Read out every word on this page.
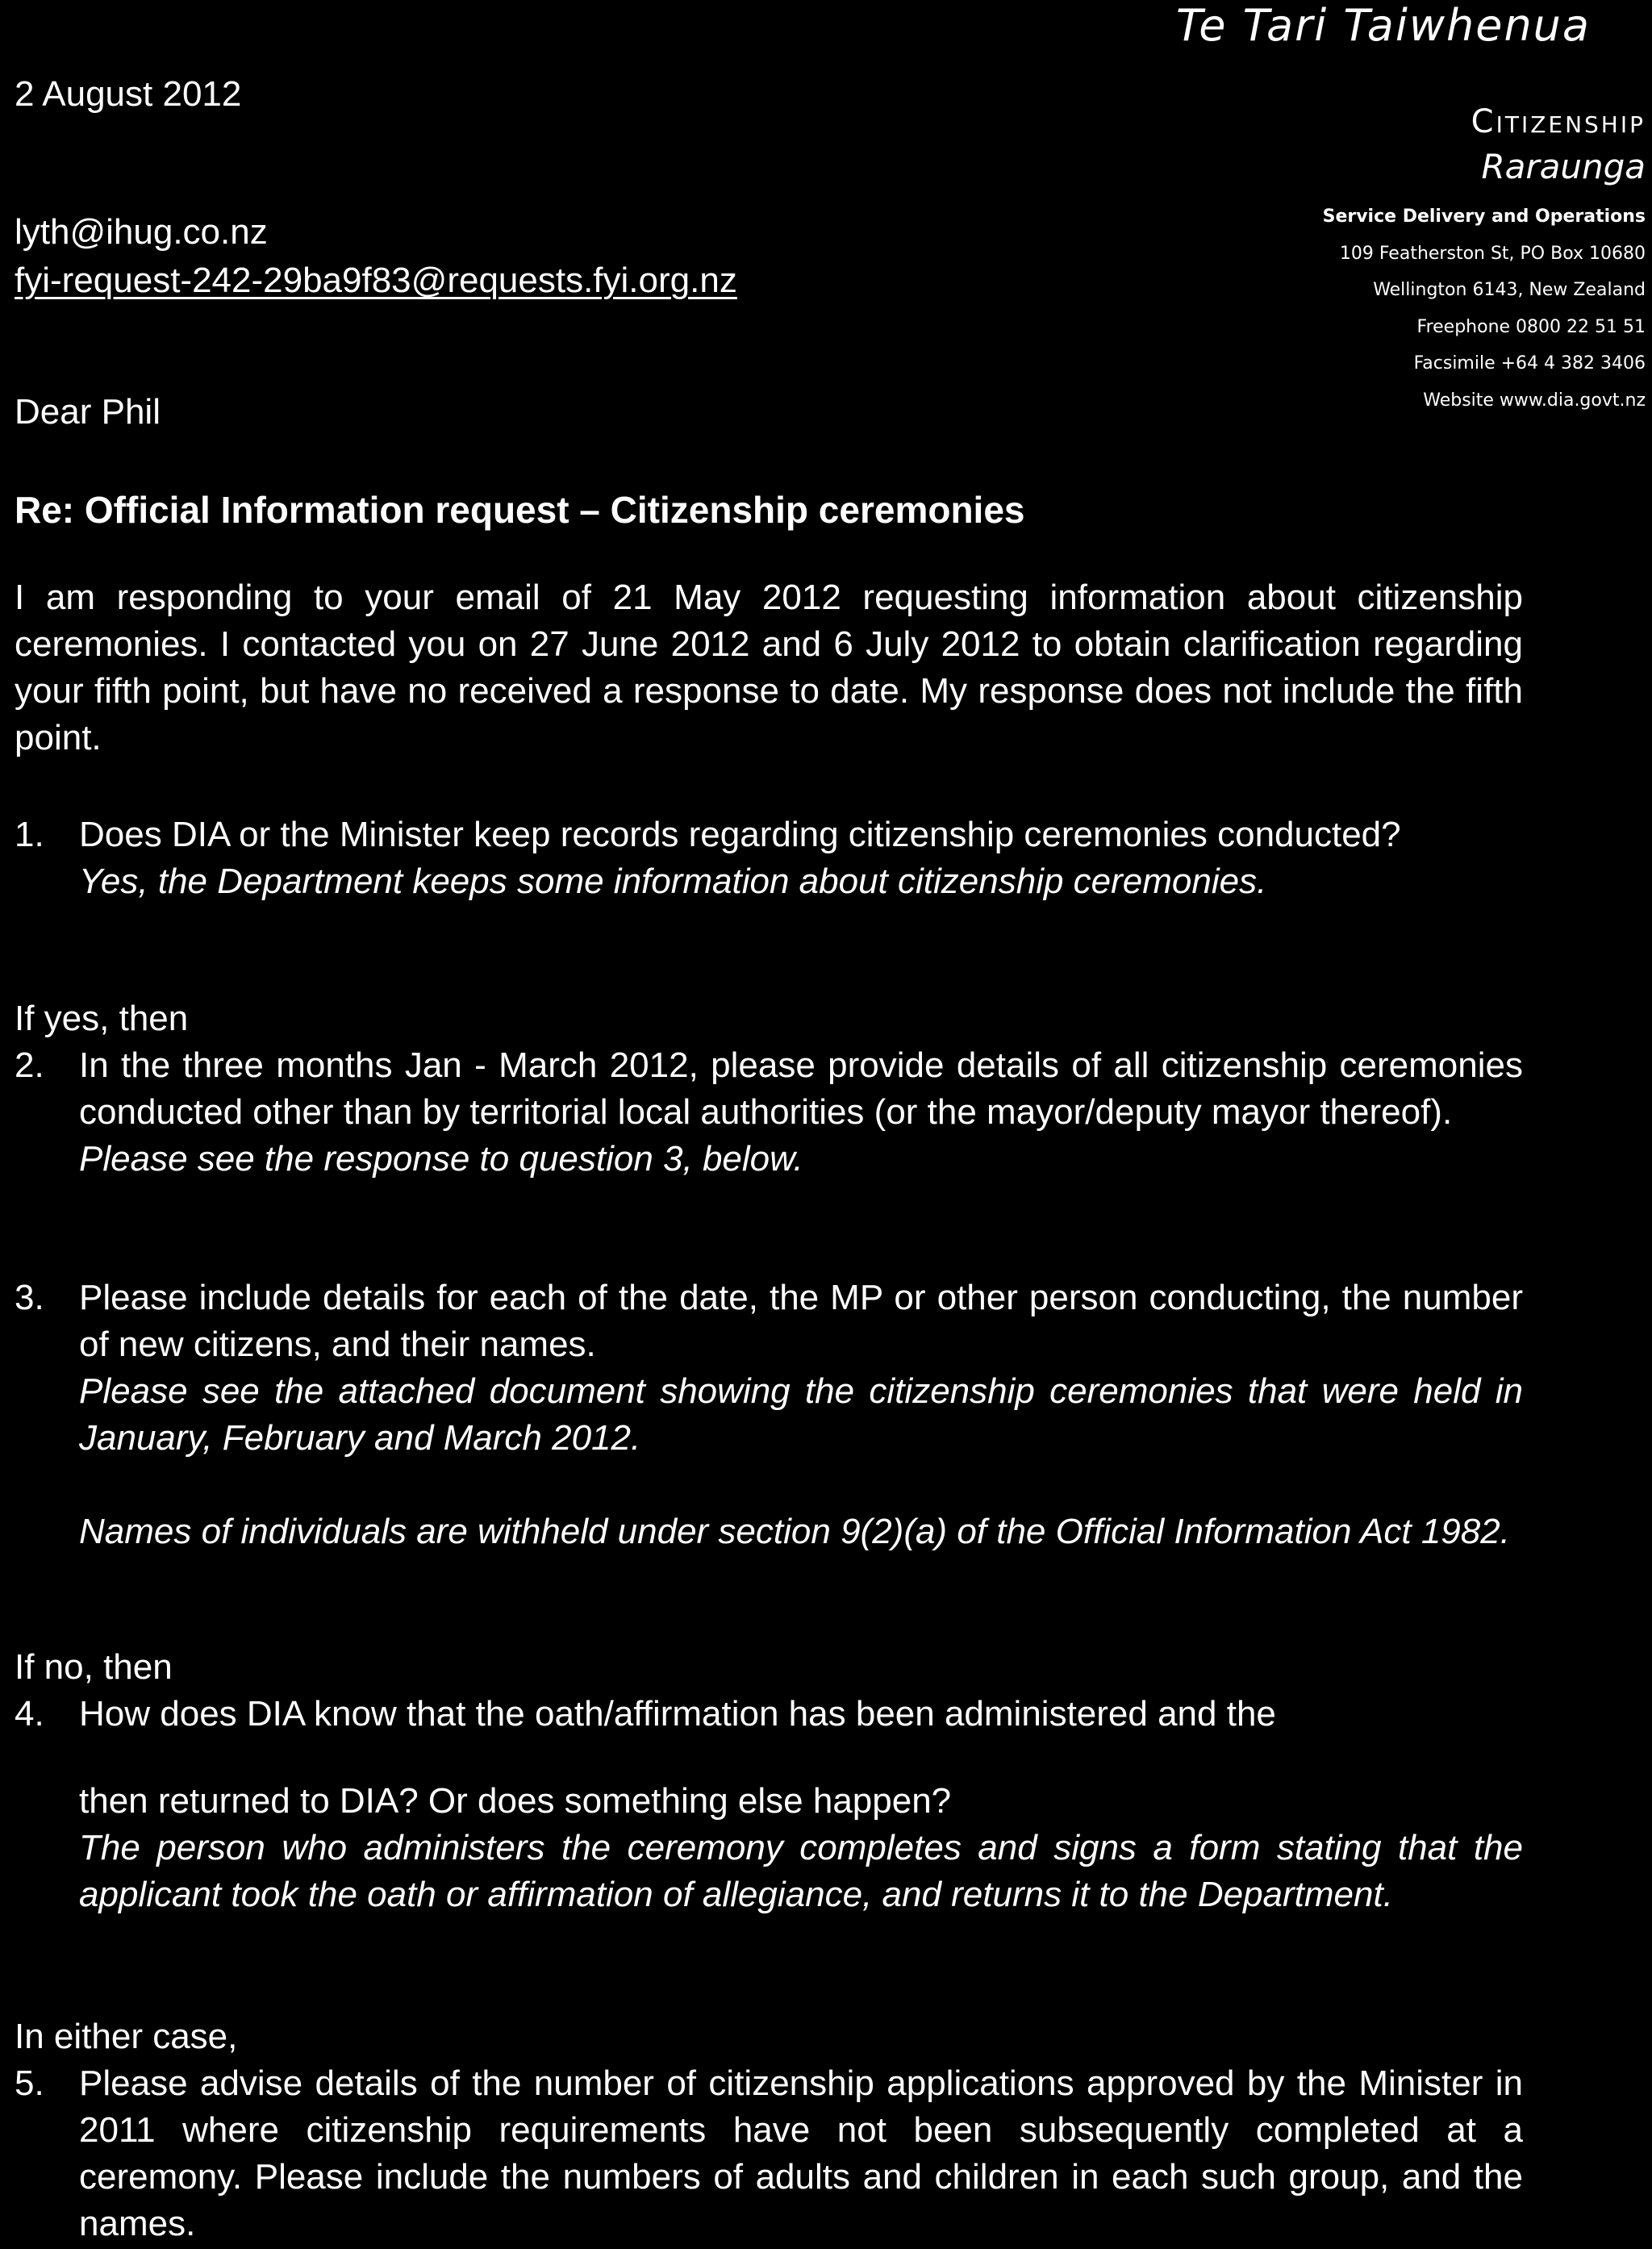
2 August 2012
lyth@ihug.co.nz
fyi-request-242-29ba9f83@requests.fyi.org.nz
Dear Phil
Te Tari Taiwhenua
Citizenship
Raraunga
Service Delivery and Operations
109 Featherston St, PO Box 10680
Wellington 6143, New Zealand
Freephone 0800 22 51 51
Facsimile +64 4 382 3406
Website www.dia.govt.nz
Re: Official Information request – Citizenship ceremonies
I am responding to your email of 21 May 2012 requesting information about citizenship ceremonies. I contacted you on 27 June 2012 and 6 July 2012 to obtain clarification regarding your fifth point, but have no received a response to date. My response does not include the fifth point.
1. Does DIA or the Minister keep records regarding citizenship ceremonies conducted?
Yes, the Department keeps some information about citizenship ceremonies.
If yes, then
2. In the three months Jan - March 2012, please provide details of all citizenship ceremonies conducted other than by territorial local authorities (or the mayor/deputy mayor thereof).
Please see the response to question 3, below.
3. Please include details for each of the date, the MP or other person conducting, the number of new citizens, and their names.
Please see the attached document showing the citizenship ceremonies that were held in January, February and March 2012.
Names of individuals are withheld under section 9(2)(a) of the Official Information Act 1982.
If no, then
4. How does DIA know that the oath/affirmation has been administered and the
then returned to DIA? Or does something else happen?
The person who administers the ceremony completes and signs a form stating that the applicant took the oath or affirmation of allegiance, and returns it to the Department.
In either case,
5. Please advise details of the number of citizenship applications approved by the Minister in 2011 where citizenship requirements have not been subsequently completed at a ceremony. Please include the numbers of adults and children in each such group, and the names.
